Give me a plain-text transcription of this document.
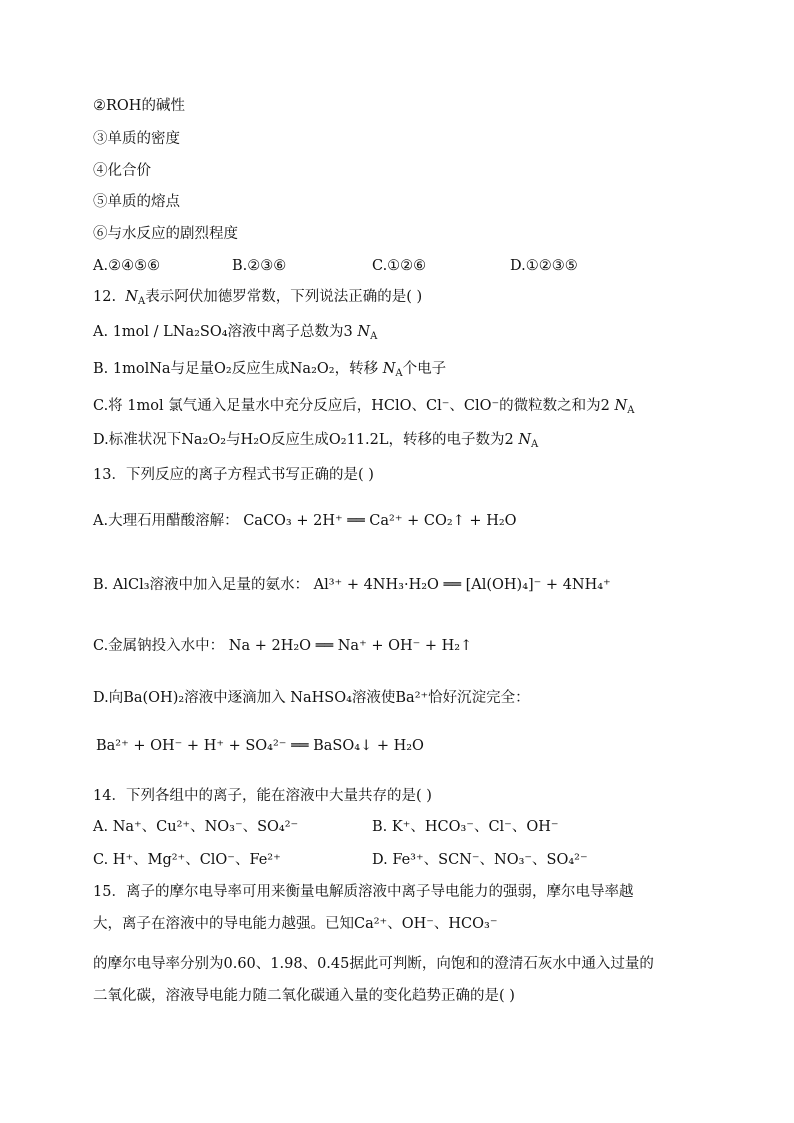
②ROH的碱性
③单质的密度
④化合价
⑤单质的熔点
⑥与水反应的剧烈程度
A.②④⑤⑥	B.②③⑥	C.①②⑥	D.①②③⑤
12. $N_A$表示阿伏加德罗常数，下列说法正确的是( )
A. 1mol / LNa₂SO₄溶液中离子总数为3 $N_A$
B. 1molNa与足量O₂反应生成Na₂O₂，转移 $N_A$个电子
C.将 1mol 氯气通入足量水中充分反应后，HClO、Cl⁻、ClO⁻的微粒数之和为2 $N_A$
D.标准状况下Na₂O₂与H₂O反应生成O₂11.2L，转移的电子数为2 $N_A$
13．下列反应的离子方程式书写正确的是( )
A.大理石用醋酸溶解： CaCO₃ + 2H⁺ ══ Ca²⁺ + CO₂↑ + H₂O
B. AlCl₃溶液中加入足量的氨水： Al³⁺ + 4NH₃·H₂O ══ [Al(OH)₄]⁻ + 4NH₄⁺
C.金属钠投入水中： Na + 2H₂O ══ Na⁺ + OH⁻ + H₂↑
D.向Ba(OH)₂溶液中逐滴加入 NaHSO₄溶液使Ba²⁺恰好沉淀完全：
Ba²⁺ + OH⁻ + H⁺ + SO₄²⁻ ══ BaSO₄↓ + H₂O
14．下列各组中的离子，能在溶液中大量共存的是( )
A. Na⁺、Cu²⁺、NO₃⁻、SO₄²⁻	B. K⁺、HCO₃⁻、Cl⁻、OH⁻
C. H⁺、Mg²⁺、ClO⁻、Fe²⁺	D. Fe³⁺、SCN⁻、NO₃⁻、SO₄²⁻
15．离子的摩尔电导率可用来衡量电解质溶液中离子导电能力的强弱，摩尔电导率越
大，离子在溶液中的导电能力越强。已知Ca²⁺、OH⁻、HCO₃⁻
的摩尔电导率分别为0.60、1.98、0.45据此可判断，向饱和的澄清石灰水中通入过量的
二氧化碳，溶液导电能力随二氧化碳通入量的变化趋势正确的是( )
